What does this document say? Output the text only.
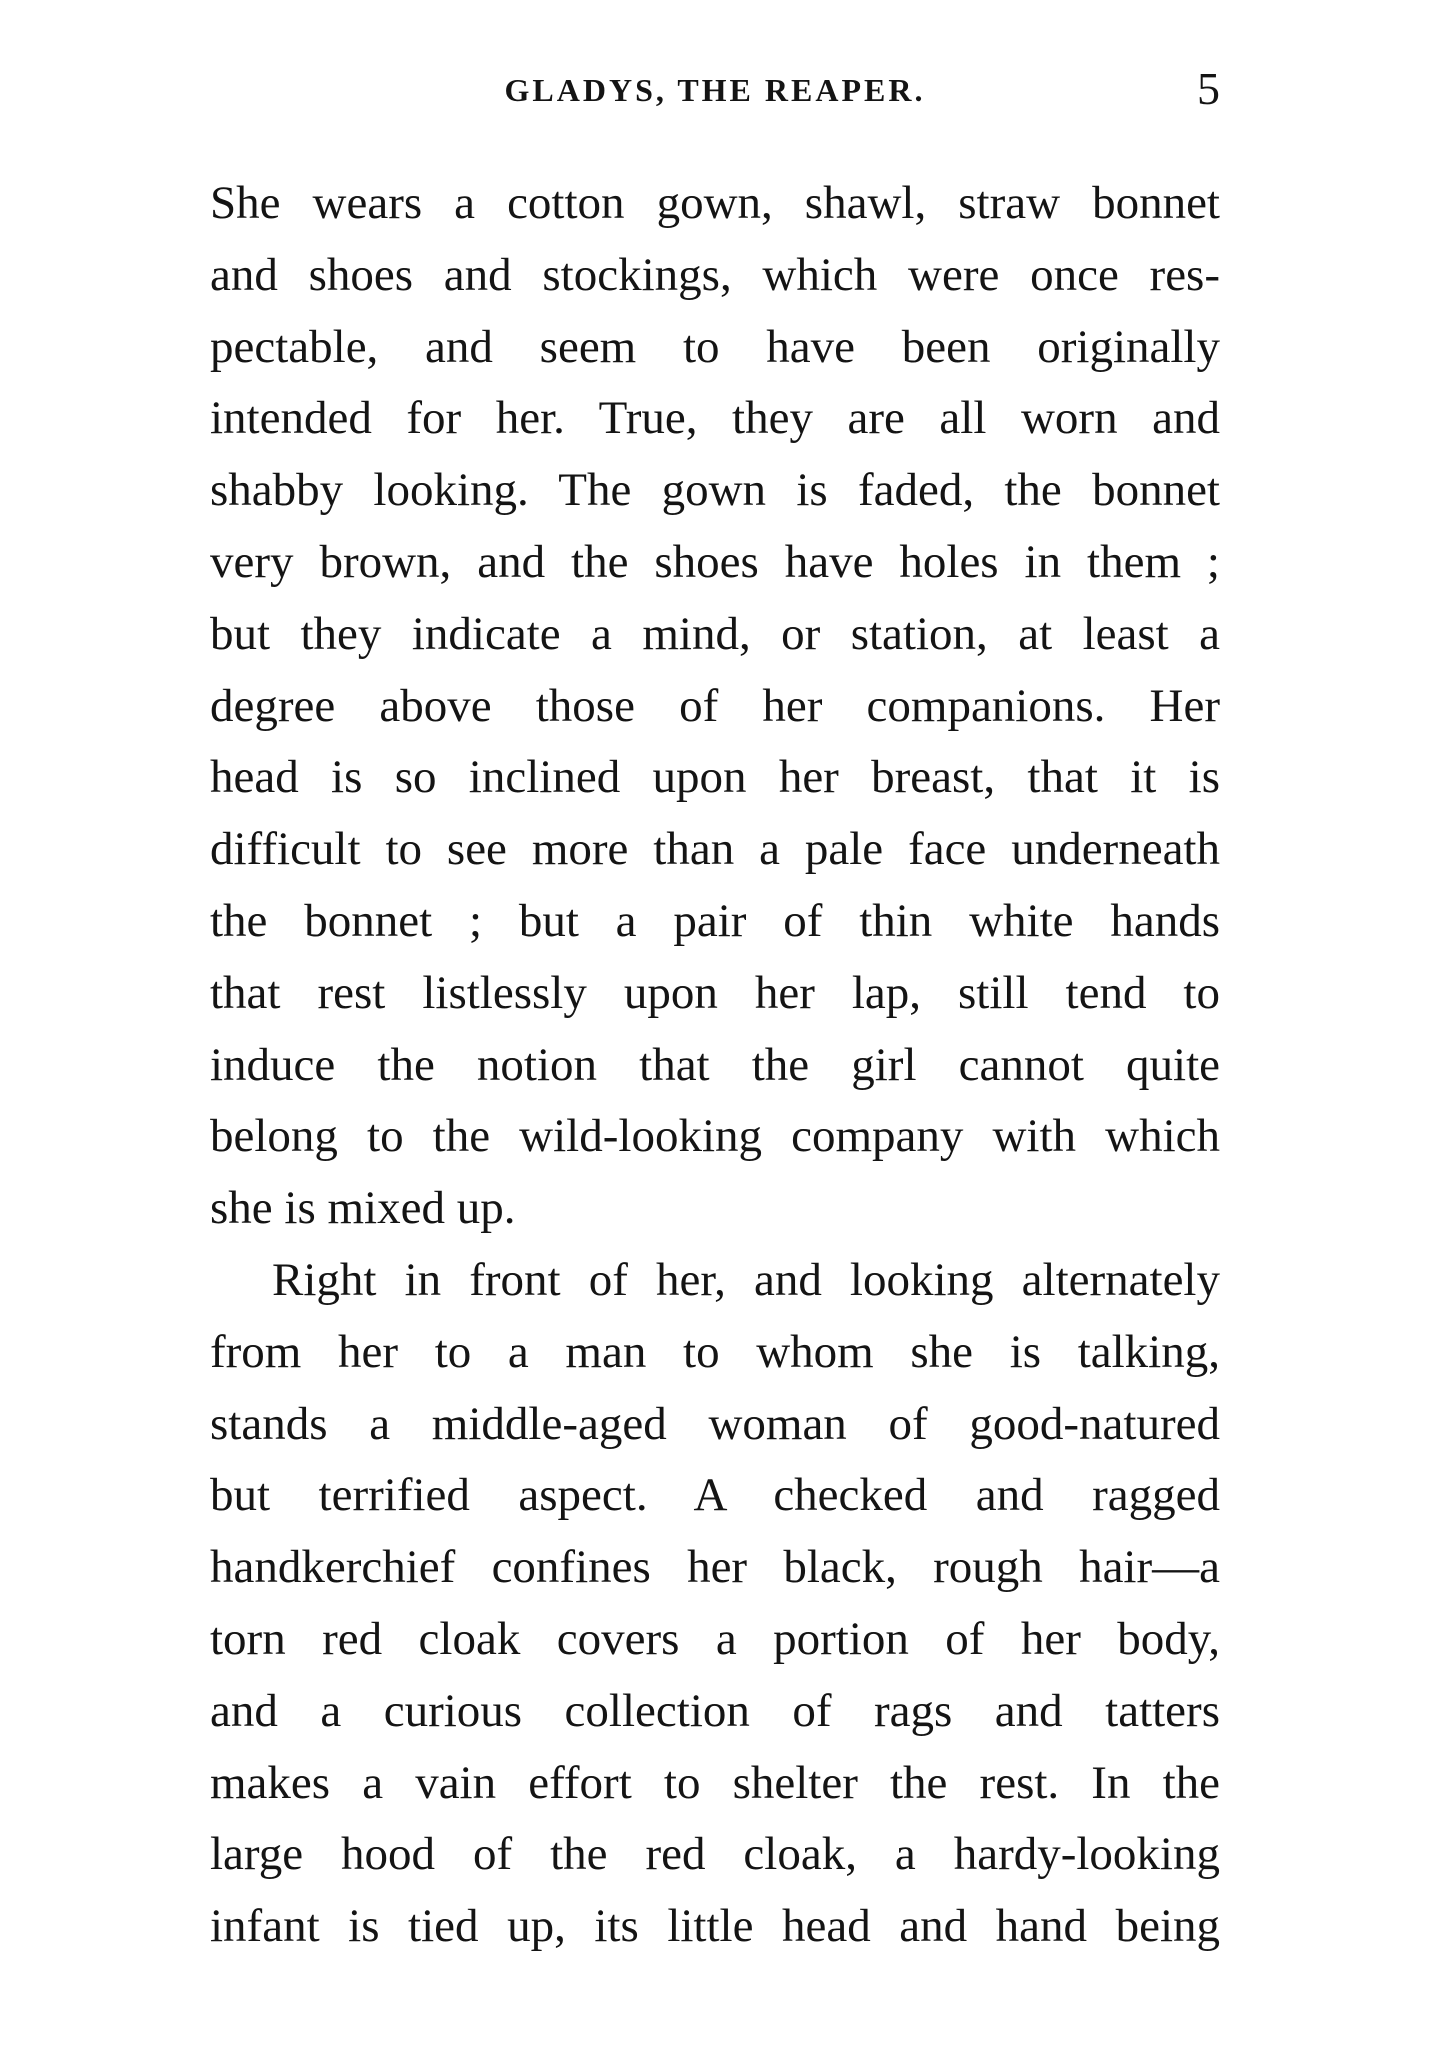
GLADYS, THE REAPER.	5
She wears a cotton gown, shawl, straw bonnet
and shoes and stockings, which were once res-
pectable, and seem to have been originally
intended for her. True, they are all worn and
shabby looking. The gown is faded, the bonnet
very brown, and the shoes have holes in them ;
but they indicate a mind, or station, at least a
degree above those of her companions. Her
head is so inclined upon her breast, that it is
difficult to see more than a pale face underneath
the bonnet ; but a pair of thin white hands
that rest listlessly upon her lap, still tend to
induce the notion that the girl cannot quite
belong to the wild-looking company with which
she is mixed up.
Right in front of her, and looking alternately
from her to a man to whom she is talking,
stands a middle-aged woman of good-natured
but terrified aspect. A checked and ragged
handkerchief confines her black, rough hair—a
torn red cloak covers a portion of her body,
and a curious collection of rags and tatters
makes a vain effort to shelter the rest. In the
large hood of the red cloak, a hardy-looking
infant is tied up, its little head and hand being
